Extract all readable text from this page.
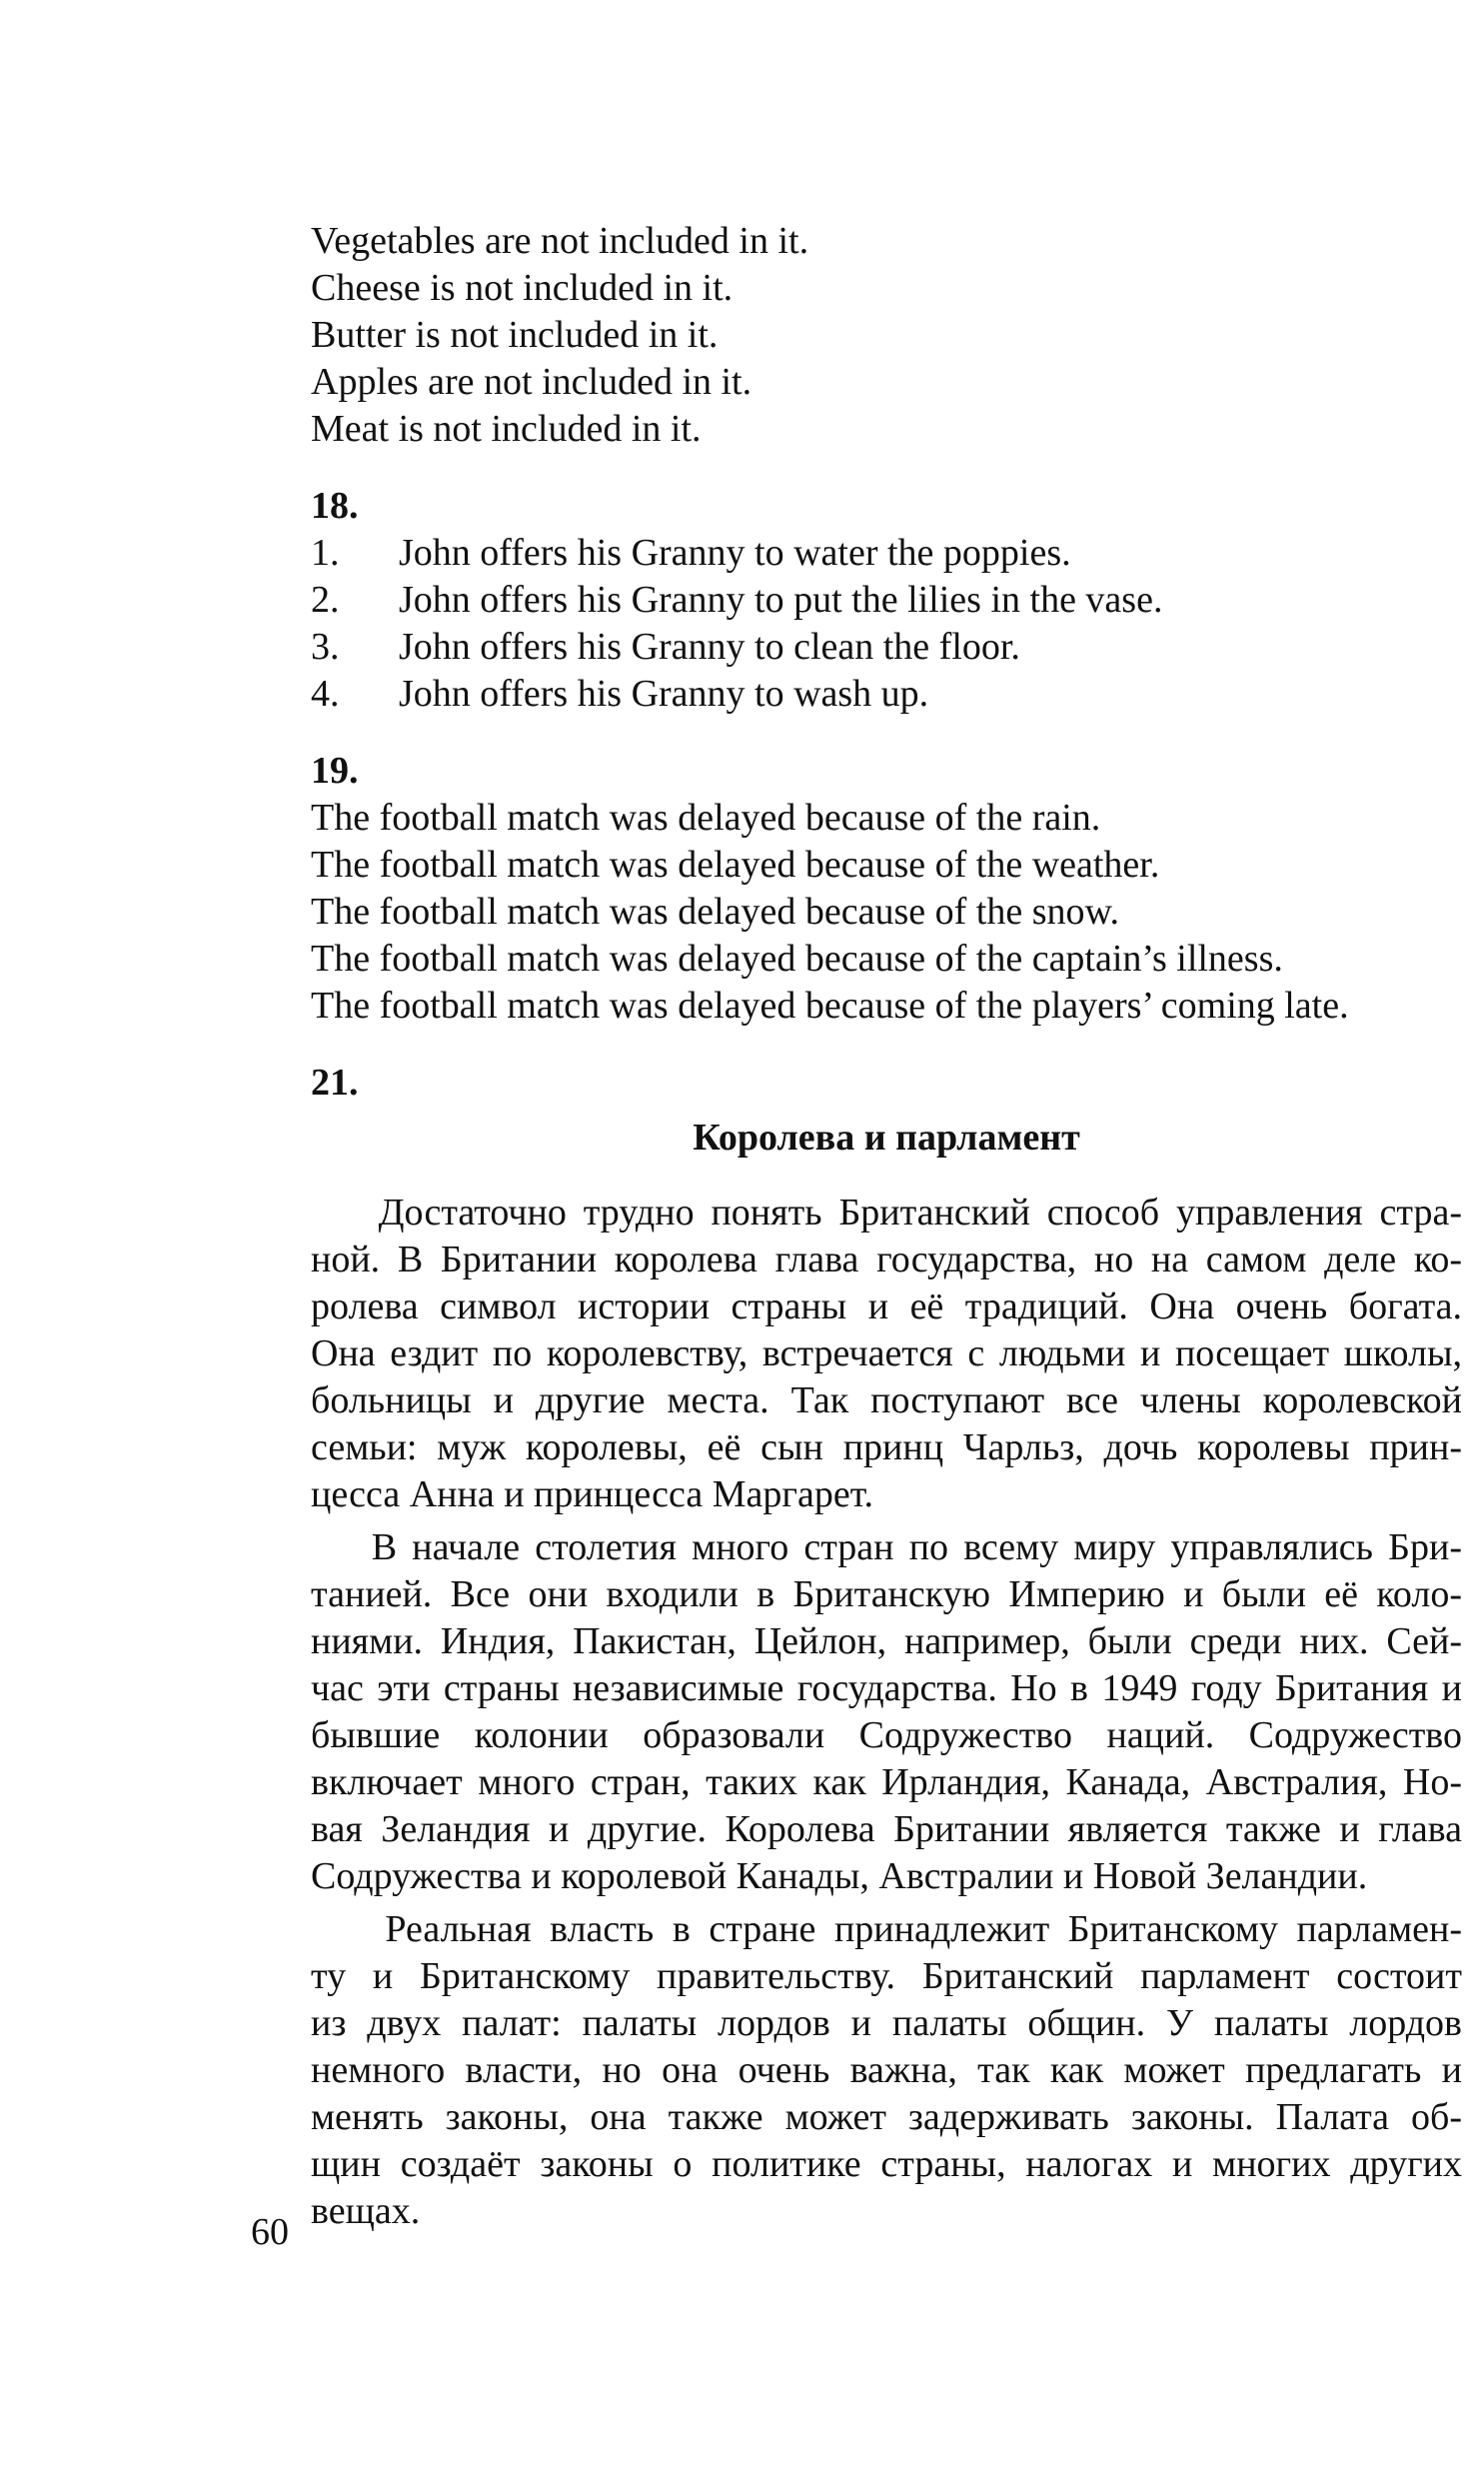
Vegetables are not included in it.

Cheese is not included in it.

Butter is not included in it.

Apples are not included in it.

Meat is not included in it.

18.

1.	John offers his Granny to water the poppies.
2.	John offers his Granny to put the lilies in the vase.
3.	John offers his Granny to clean the floor.
4.	John offers his Granny to wash up.

19.

The football match was delayed because of the rain.

The football match was delayed because of the weather.

The football match was delayed because of the snow.

The football match was delayed because of the captain’s illness.

The football match was delayed because of the players’ coming late.

21.

Королева и парламент

Достаточно трудно понять Британский способ управления стра-
ной. В Британии королева глава государства, но на самом деле ко-
ролева символ истории страны и её традиций. Она очень богата.
Она ездит по королевству, встречается с людьми и посещает школы,
больницы и другие места. Так поступают все члены королевской
семьи: муж королевы, её сын принц Чарльз, дочь королевы прин-
цесса Анна и принцесса Маргарет.
В начале столетия много стран по всему миру управлялись Бри-
танией. Все они входили в Британскую Империю и были её коло-
ниями. Индия, Пакистан, Цейлон, например, были среди них. Сей-
час эти страны независимые государства. Но в 1949 году Британия и
бывшие колонии образовали Содружество наций. Содружество
включает много стран, таких как Ирландия, Канада, Австралия, Но-
вая Зеландия и другие. Королева Британии является также и глава
Содружества и королевой Канады, Австралии и Новой Зеландии.
Реальная власть в стране принадлежит Британскому парламен-
ту и Британскому правительству. Британский парламент состоит
из двух палат: палаты лордов и палаты общин. У палаты лордов
немного власти, но она очень важна, так как может предлагать и
менять законы, она также может задерживать законы. Палата об-
щин создаёт законы о политике страны, налогах и многих других
вещах.
60
